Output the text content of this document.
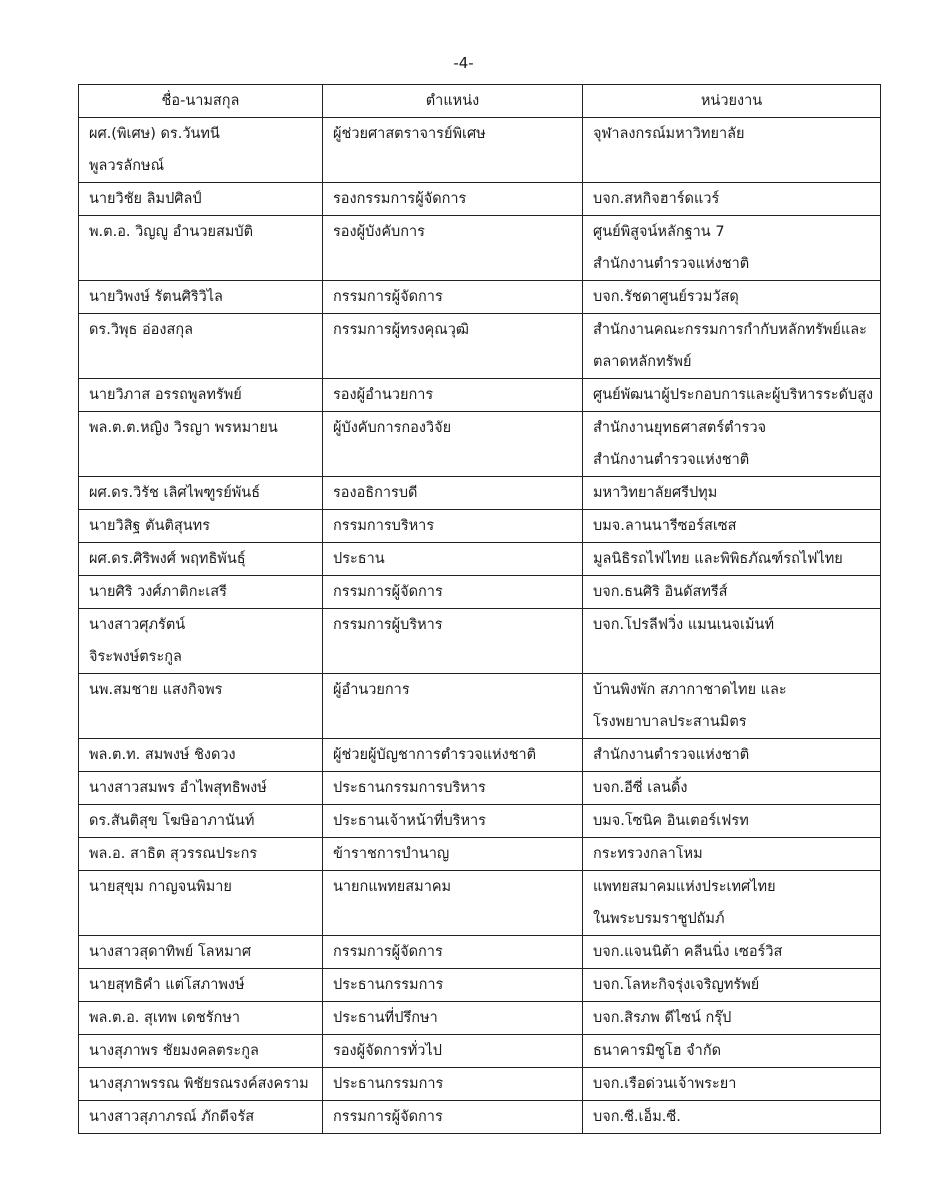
-4-
ชื่อ-นามสกุล	ตำแหน่ง	หน่วยงาน

ผศ.(พิเศษ) ดร.วันทนี
พูลวรลักษณ์	ผู้ช่วยศาสตราจารย์พิเศษ	จุฬาลงกรณ์มหาวิทยาลัย

นายวิชัย ลิมปศิลป์	รองกรรมการผู้จัดการ	บจก.สหกิจฮาร์ดแวร์

พ.ต.อ. วิญญู อำนวยสมบัติ	รองผู้บังคับการ	ศูนย์พิสูจน์หลักฐาน 7
สำนักงานตำรวจแห่งชาติ

นายวิพงษ์ รัตนศิริวิไล	กรรมการผู้จัดการ	บจก.รัชดาศูนย์รวมวัสดุ

ดร.วิพุธ อ่องสกุล	กรรมการผู้ทรงคุณวุฒิ	สำนักงานคณะกรรมการกำกับหลักทรัพย์และ
ตลาดหลักทรัพย์

นายวิภาส อรรถพูลทรัพย์	รองผู้อำนวยการ	ศูนย์พัฒนาผู้ประกอบการและผู้บริหารระดับสูง

พล.ต.ต.หญิง วิรญา พรหมายน	ผู้บังคับการกองวิจัย	สำนักงานยุทธศาสตร์ตำรวจ
สำนักงานตำรวจแห่งชาติ

ผศ.ดร.วิรัช เลิศไพฑูรย์พันธ์	รองอธิการบดี	มหาวิทยาลัยศรีปทุม

นายวิสิฐ ตันติสุนทร	กรรมการบริหาร	บมจ.ลานนารีซอร์สเซส

ผศ.ดร.ศิริพงศ์ พฤทธิพันธุ์	ประธาน	มูลนิธิรถไฟไทย และพิพิธภัณฑ์รถไฟไทย

นายศิริ วงศ์ภาติกะเสรี	กรรมการผู้จัดการ	บจก.ธนศิริ อินดัสทรีส์

นางสาวศุภรัตน์
จิระพงษ์ตระกูล	กรรมการผู้บริหาร	บจก.โปรลีฟวิ่ง แมนเนจเม้นท์

นพ.สมชาย แสงกิจพร	ผู้อำนวยการ	บ้านพิงพัก สภากาชาดไทย และ
โรงพยาบาลประสานมิตร

พล.ต.ท. สมพงษ์ ชิงดวง	ผู้ช่วยผู้บัญชาการตำรวจแห่งชาติ	สำนักงานตำรวจแห่งชาติ

นางสาวสมพร อำไพสุทธิพงษ์	ประธานกรรมการบริหาร	บจก.อีซี่ เลนดิ้ง

ดร.สันติสุข โฆษิอาภานันท์	ประธานเจ้าหน้าที่บริหาร	บมจ.โซนิค อินเตอร์เฟรท

พล.อ. สาธิต สุวรรณประกร	ข้าราชการบำนาญ	กระทรวงกลาโหม

นายสุขุม กาญจนพิมาย	นายกแพทยสมาคม	แพทยสมาคมแห่งประเทศไทย
ในพระบรมราชูปถัมภ์

นางสาวสุดาทิพย์ โลหมาศ	กรรมการผู้จัดการ	บจก.แจนนิต้า คลีนนิ่ง เซอร์วิส

นายสุทธิคำ แต่โสภาพงษ์	ประธานกรรมการ	บจก.โลหะกิจรุ่งเจริญทรัพย์

พล.ต.อ. สุเทพ เดชรักษา	ประธานที่ปรึกษา	บจก.สิรภพ ดีไซน์ กรุ๊ป

นางสุภาพร ชัยมงคลตระกูล	รองผู้จัดการทั่วไป	ธนาคารมิซูโฮ จำกัด

นางสุภาพรรณ พิชัยรณรงค์สงคราม	ประธานกรรมการ	บจก.เรือด่วนเจ้าพระยา

นางสาวสุภาภรณ์ ภักดีจรัส	กรรมการผู้จัดการ	บจก.ซี.เอ็ม.ซี.
